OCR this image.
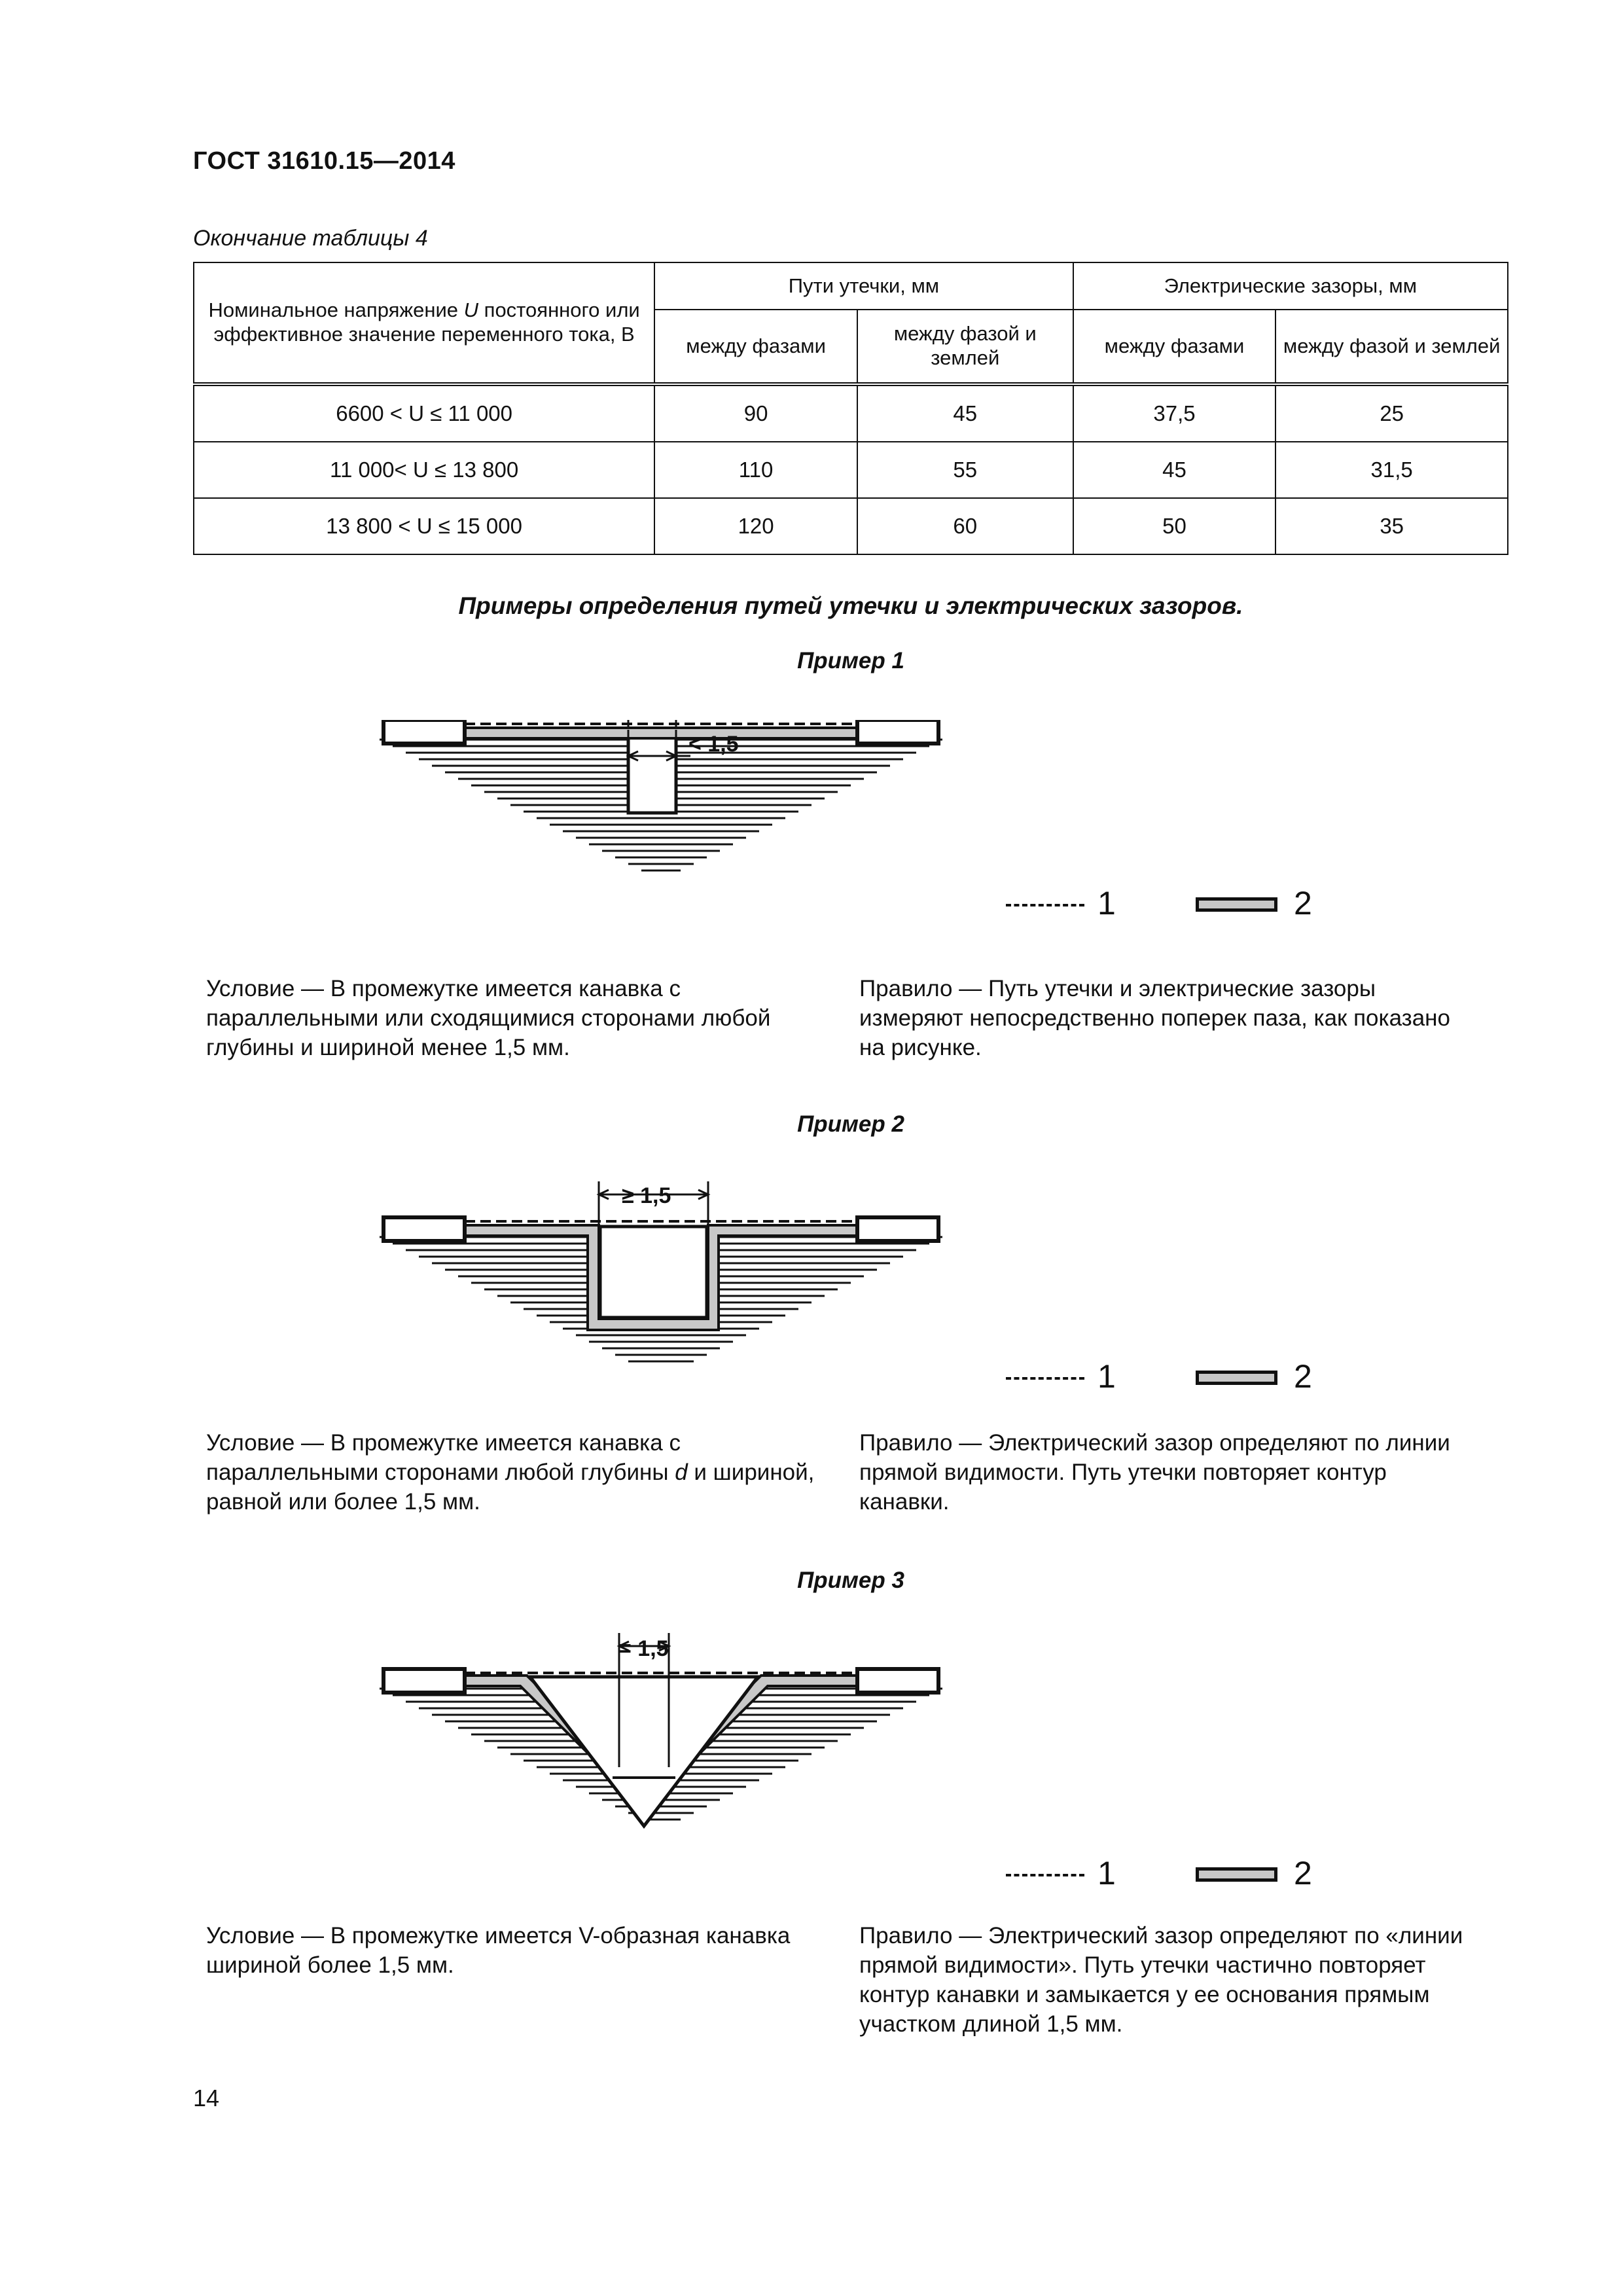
ГОСТ 31610.15—2014
Окончание таблицы 4
Номинальное напряжение U постоянного или эффективное значение переменного тока, В	Пути утечки, мм		Электрические зазоры, мм	
	между фазами	между фазой и землей	между фазами	между фазой и землей
6600 < U ≤ 11 000	90	45	37,5	25
11 000< U ≤ 13 800	110	55	45	31,5
13 800 < U ≤ 15 000	120	60	50	35
Примеры определения путей утечки и электрических зазоров.
Пример 1
< 1,5
1	2
Условие — В промежутке имеется канавка с параллельными или сходящимися сторонами любой глубины и шириной менее 1,5 мм.
Правило — Путь утечки и электрические зазоры измеряют непосредственно поперек паза, как показано на рисунке.
Пример 2
≥ 1,5
1	2
Условие — В промежутке имеется канавка с параллельными сторонами любой глубины d и шириной, равной или более 1,5 мм.
Правило — Электрический зазор определяют по линии прямой видимости. Путь утечки повторяет контур канавки.
Пример 3
= 1,5
1	2
Условие — В промежутке имеется V-образная канавка шириной более 1,5 мм.
Правило — Электрический зазор определяют по «линии прямой видимости». Путь утечки частично повторяет контур канавки и замыкается у ее основания прямым участком длиной 1,5 мм.
14
